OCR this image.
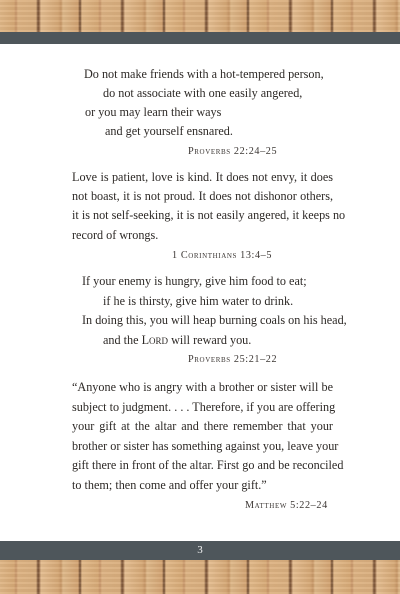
Do not make friends with a hot-tempered person,
do not associate with one easily angered,
or you may learn their ways
and get yourself ensnared.
Proverbs 22:24–25
Love is patient, love is kind. It does not envy, it does
not boast, it is not proud. It does not dishonor others,
it is not self-seeking, it is not easily angered, it keeps no
record of wrongs.
1 Corinthians 13:4–5
If your enemy is hungry, give him food to eat;
if he is thirsty, give him water to drink.
In doing this, you will heap burning coals on his head,
and the Lord will reward you.
Proverbs 25:21–22
“Anyone who is angry with a brother or sister will be
subject to judgment. . . . Therefore, if you are offering
your gift at the altar and there remember that your
brother or sister has something against you, leave your
gift there in front of the altar. First go and be reconciled
to them; then come and offer your gift.”
Matthew 5:22–24
3
